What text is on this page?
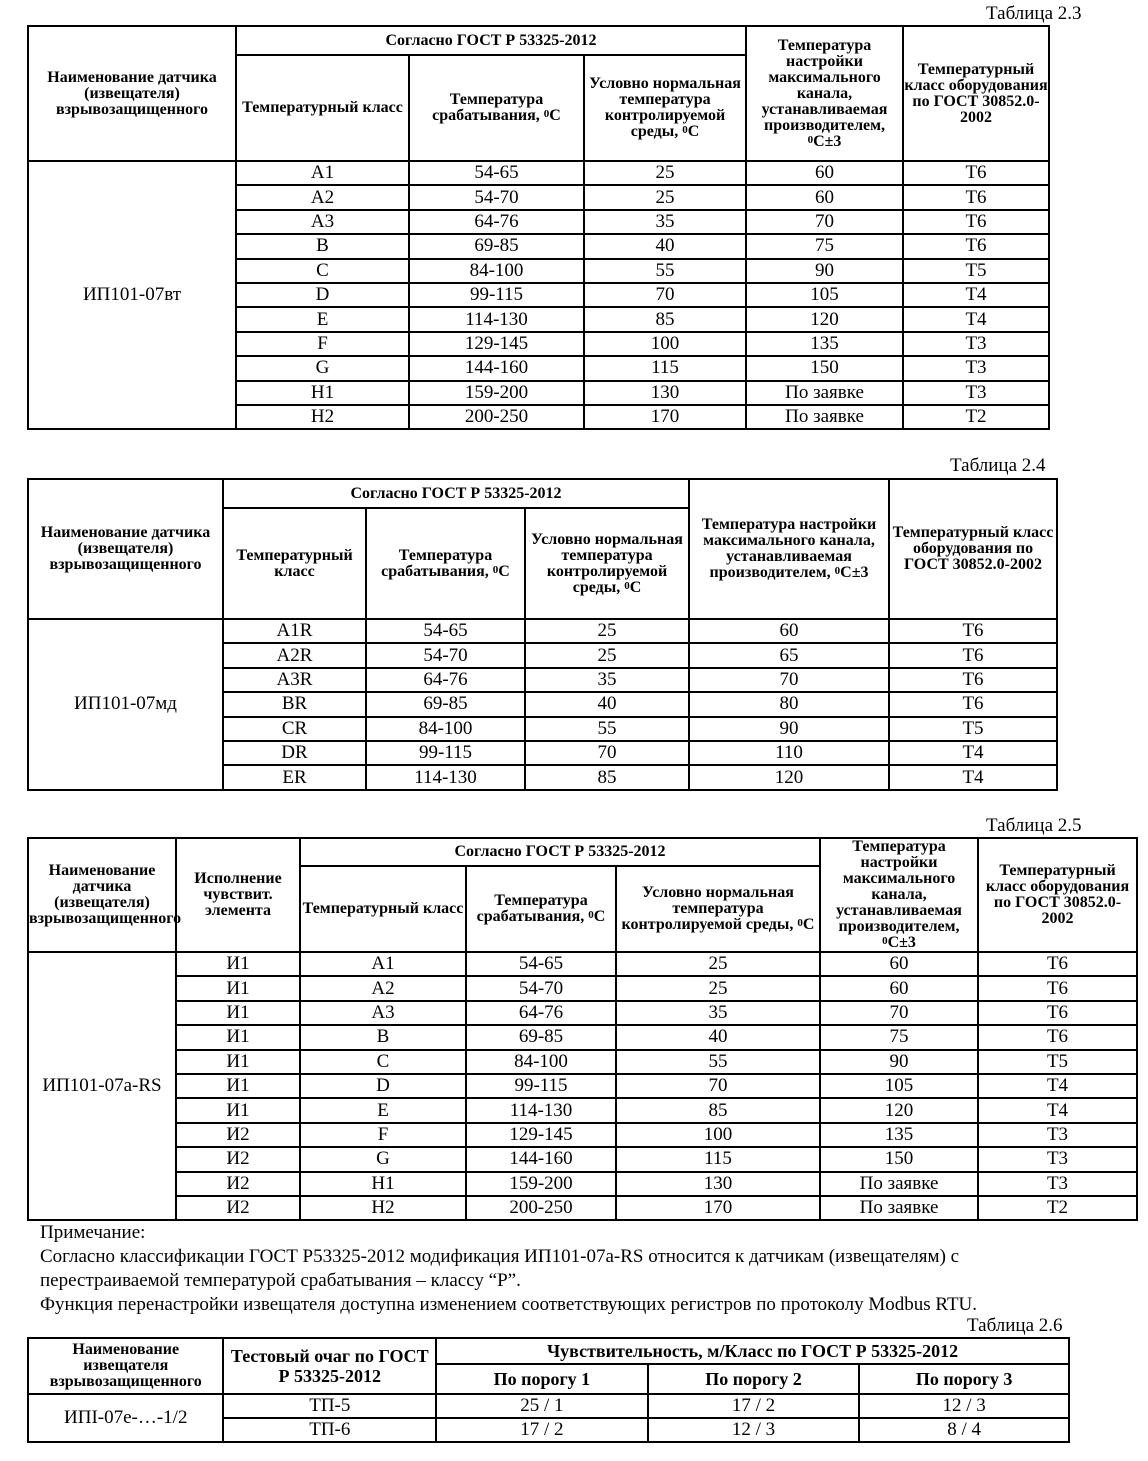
Таблица 2.3
Наименование датчика (извещателя) взрывозащищенного	Согласно ГОСТ Р 53325-2012			Температура настройки максимального канала, устанавливаемая производителем, $^0$C±3	Температурный класс оборудования по ГОСТ 30852.0-2002
	Температурный класс	Температура срабатывания, $^0$C	Условно нормальная температура контролируемой среды, $^0$C		
ИП101-07вт	A1	54-65	25	60	T6
	A2	54-70	25	60	T6
	A3	64-76	35	70	T6
	B	69-85	40	75	T6
	C	84-100	55	90	T5
	D	99-115	70	105	T4
	E	114-130	85	120	T4
	F	129-145	100	135	T3
	G	144-160	115	150	T3
	H1	159-200	130	По заявке	T3
	H2	200-250	170	По заявке	T2
Таблица 2.4
Наименование датчика (извещателя) взрывозащищенного	Согласно ГОСТ Р 53325-2012			Температура настройки максимального канала, устанавливаемая производителем, $^0$C±3	Температурный класс оборудования по ГОСТ 30852.0-2002
	Температурный класс	Температура срабатывания, $^0$C	Условно нормальная температура контролируемой среды, $^0$C		
ИП101-07мд	A1R	54-65	25	60	T6
	A2R	54-70	25	65	T6
	A3R	64-76	35	70	T6
	BR	69-85	40	80	T6
	CR	84-100	55	90	T5
	DR	99-115	70	110	T4
	ER	114-130	85	120	T4
Таблица 2.5
Наименование датчика (извещателя) взрывозащищенного	Исполнение чувствит. элемента	Согласно ГОСТ Р 53325-2012			Температура настройки максимального канала, устанавливаемая производителем, $^0$C±3	Температурный класс оборудования по ГОСТ 30852.0-2002
		Температурный класс	Температура срабатывания, $^0$C	Условно нормальная температура контролируемой среды, $^0$C		
ИП101-07а-RS	И1	A1	54-65	25	60	T6
	И1	A2	54-70	25	60	T6
	И1	A3	64-76	35	70	T6
	И1	B	69-85	40	75	T6
	И1	C	84-100	55	90	T5
	И1	D	99-115	70	105	T4
	И1	E	114-130	85	120	T4
	И2	F	129-145	100	135	T3
	И2	G	144-160	115	150	T3
	И2	H1	159-200	130	По заявке	T3
	И2	H2	200-250	170	По заявке	T2
Примечание:
Согласно классификации ГОСТ Р53325-2012 модификация ИП101-07а-RS относится к датчикам (извещателям) с
перестраиваемой температурой срабатывания – классу “P”.
Функция перенастройки извещателя доступна изменением соответствующих регистров по протоколу Modbus RTU.
Таблица 2.6
Наименование извещателя взрывозащищенного	Тестовый очаг по ГОСТ Р 53325-2012	Чувствительность, м/Класс по ГОСТ Р 53325-2012		
		По порогу 1	По порогу 2	По порогу 3
ИПI-07е-…-1/2	ТП-5	25 / 1	17 / 2	12 / 3
	ТП-6	17 / 2	12 / 3	8 / 4
